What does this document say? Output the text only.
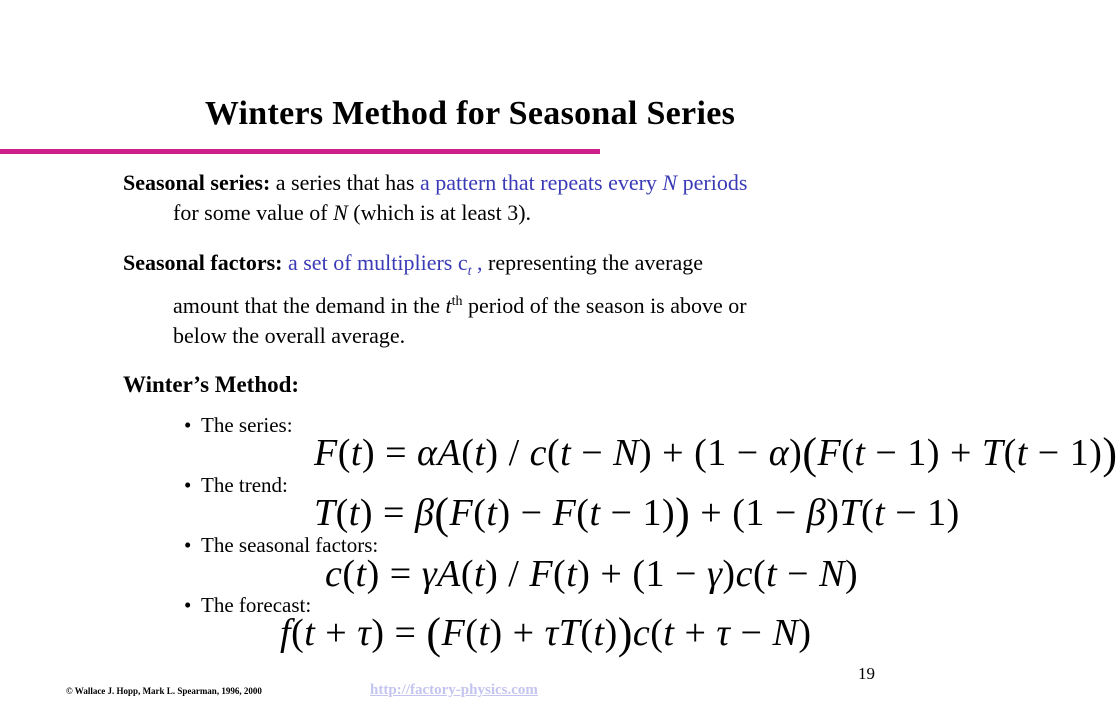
Winters Method for Seasonal Series
Seasonal series: a series that has a pattern that repeats every N periods
for some value of N (which is at least 3).
Seasonal factors: a set of multipliers $c_t$ , representing the average
amount that the demand in the $t^{th}$ period of the season is above or
below the overall average.
Winter’s Method:
• The series:
F(t) = αA(t) / c(t − N) + (1 − α)(F(t − 1) + T(t − 1))
• The trend:
T(t) = β(F(t) − F(t − 1)) + (1 − β)T(t − 1)
• The seasonal factors:
c(t) = γA(t) / F(t) + (1 − γ)c(t − N)
• The forecast:
f(t + τ) = (F(t) + τT(t))c(t + τ − N)
© Wallace J. Hopp, Mark L. Spearman, 1996, 2000	http://factory-physics.com
19
